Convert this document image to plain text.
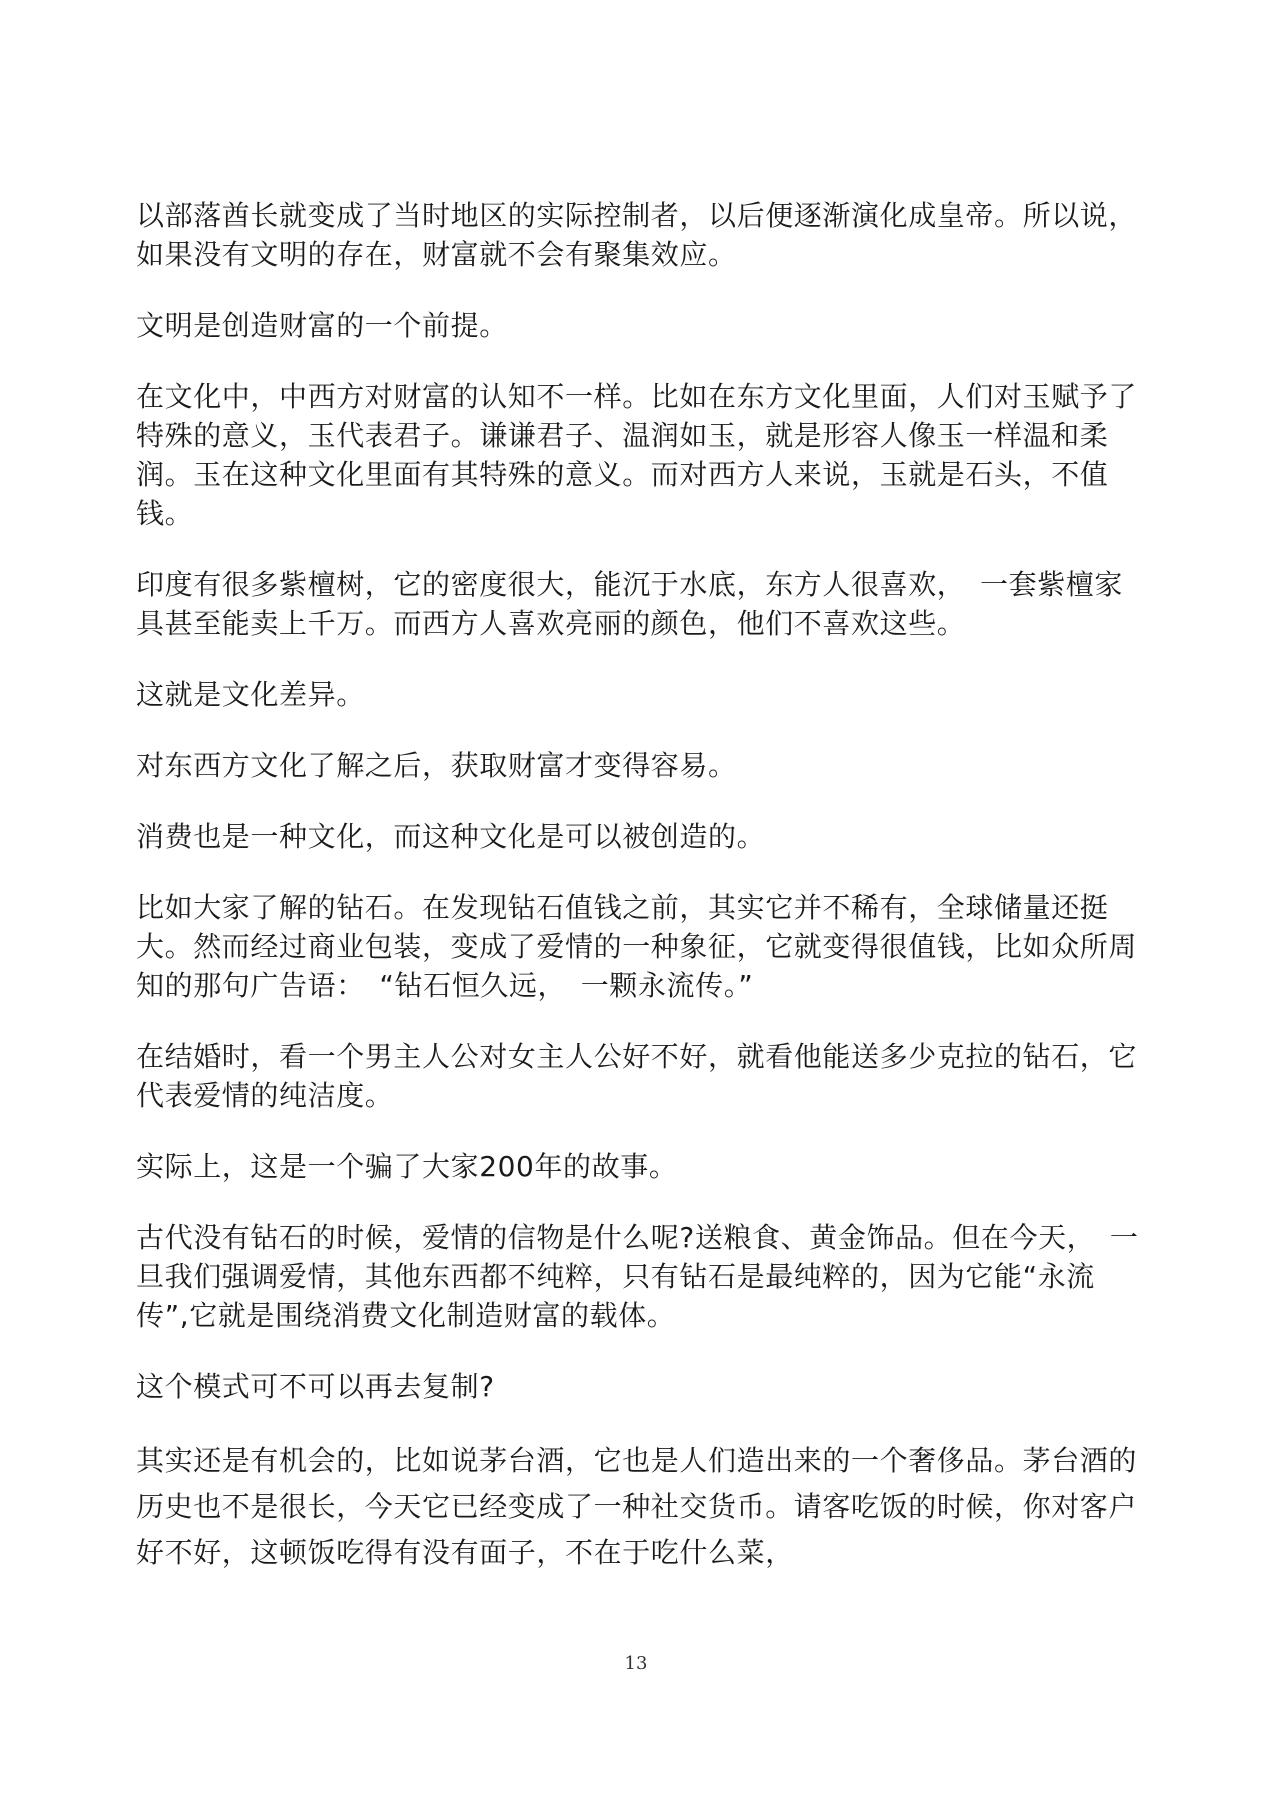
以部落酋长就变成了当时地区的实际控制者，以后便逐渐演化成皇帝。所以说，如果没有文明的存在，财富就不会有聚集效应。

文明是创造财富的一个前提。

在文化中，中西方对财富的认知不一样。比如在东方文化里面，人们对玉赋予了特殊的意义，玉代表君子。谦谦君子、温润如玉，就是形容人像玉一样温和柔润。玉在这种文化里面有其特殊的意义。而对西方人来说，玉就是石头，不值钱。

印度有很多紫檀树，它的密度很大，能沉于水底，东方人很喜欢，　一套紫檀家具甚至能卖上千万。而西方人喜欢亮丽的颜色，他们不喜欢这些。

这就是文化差异。

对东西方文化了解之后，获取财富才变得容易。

消费也是一种文化，而这种文化是可以被创造的。

比如大家了解的钻石。在发现钻石值钱之前，其实它并不稀有，全球储量还挺大。然而经过商业包装，变成了爱情的一种象征，它就变得很值钱，比如众所周知的那句广告语：　“钻石恒久远，　一颗永流传。”

在结婚时，看一个男主人公对女主人公好不好，就看他能送多少克拉的钻石，它代表爱情的纯洁度。

实际上，这是一个骗了大家200年的故事。

古代没有钻石的时候，爱情的信物是什么呢?送粮食、黄金饰品。但在今天，　一旦我们强调爱情，其他东西都不纯粹，只有钻石是最纯粹的，因为它能“永流传”,它就是围绕消费文化制造财富的载体。

这个模式可不可以再去复制?

其实还是有机会的，比如说茅台酒，它也是人们造出来的一个奢侈品。茅台酒的历史也不是很长，今天它已经变成了一种社交货币。请客吃饭的时候，你对客户好不好，这顿饭吃得有没有面子，不在于吃什么菜，

13
